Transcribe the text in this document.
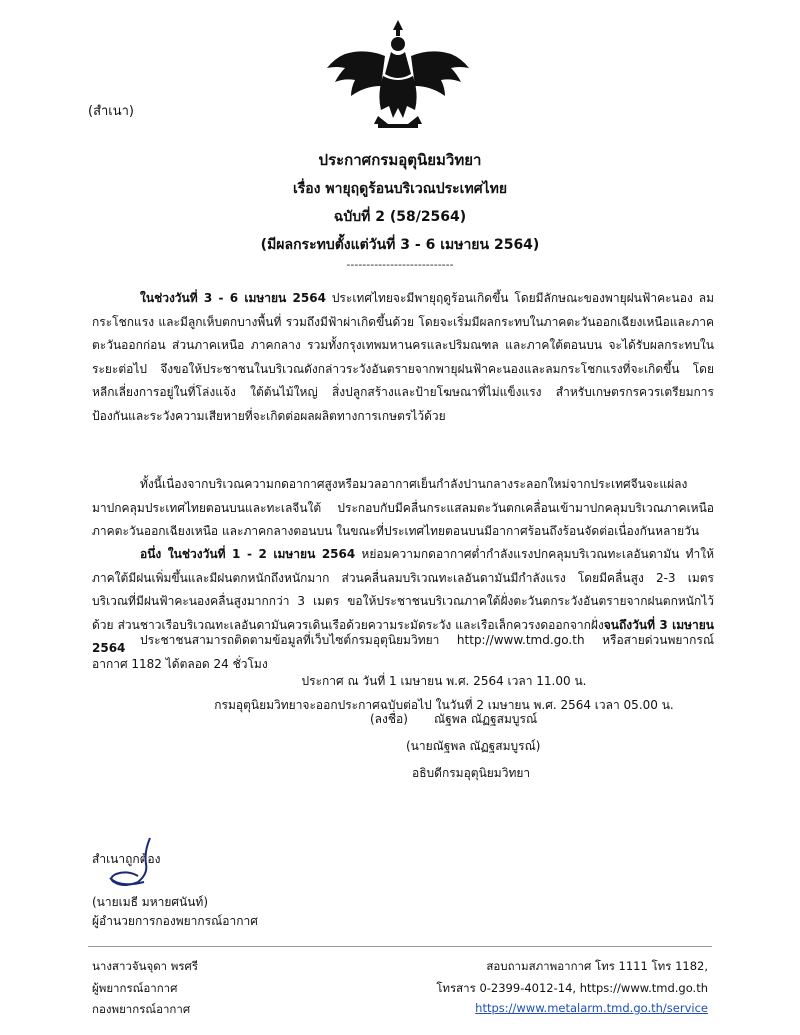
(สำเนา)
ประกาศกรมอุตุนิยมวิทยา
เรื่อง พายุฤดูร้อนบริเวณประเทศไทย
ฉบับที่ 2 (58/2564)
(มีผลกระทบตั้งแต่วันที่ 3 - 6 เมษายน 2564)
---------------------------
ในช่วงวันที่ 3 - 6 เมษายน 2564 ประเทศไทยจะมีพายุฤดูร้อนเกิดขึ้น โดยมีลักษณะของพายุฝนฟ้าคะนอง ลมกระโชกแรง และมีลูกเห็บตกบางพื้นที่ รวมถึงมีฟ้าผ่าเกิดขึ้นด้วย โดยจะเริ่มมีผลกระทบในภาคตะวันออกเฉียงเหนือและภาคตะวันออกก่อน ส่วนภาคเหนือ ภาคกลาง รวมทั้งกรุงเทพมหานครและปริมณฑล และภาคใต้ตอนบน จะได้รับผลกระทบในระยะต่อไป จึงขอให้ประชาชนในบริเวณดังกล่าวระวังอันตรายจากพายุฝนฟ้าคะนองและลมกระโชกแรงที่จะเกิดขึ้น โดยหลีกเลี่ยงการอยู่ในที่โล่งแจ้ง ใต้ต้นไม้ใหญ่ สิ่งปลูกสร้างและป้ายโฆษณาที่ไม่แข็งแรง สำหรับเกษตรกรควรเตรียมการป้องกันและระวังความเสียหายที่จะเกิดต่อผลผลิตทางการเกษตรไว้ด้วย
ทั้งนี้เนื่องจากบริเวณความกดอากาศสูงหรือมวลอากาศเย็นกำลังปานกลางระลอกใหม่จากประเทศจีนจะแผ่ลงมาปกคลุมประเทศไทยตอนบนและทะเลจีนใต้ ประกอบกับมีคลื่นกระแสลมตะวันตกเคลื่อนเข้ามาปกคลุมบริเวณภาคเหนือ ภาคตะวันออกเฉียงเหนือ และภาคกลางตอนบน ในขณะที่ประเทศไทยตอนบนมีอากาศร้อนถึงร้อนจัดต่อเนื่องกันหลายวัน
อนึ่ง ในช่วงวันที่ 1 - 2 เมษายน 2564 หย่อมความกดอากาศต่ำกำลังแรงปกคลุมบริเวณทะเลอันดามัน ทำให้ภาคใต้มีฝนเพิ่มขึ้นและมีฝนตกหนักถึงหนักมาก ส่วนคลื่นลมบริเวณทะเลอันดามันมีกำลังแรง โดยมีคลื่นสูง 2-3 เมตร บริเวณที่มีฝนฟ้าคะนองคลื่นสูงมากกว่า 3 เมตร ขอให้ประชาชนบริเวณภาคใต้ฝั่งตะวันตกระวังอันตรายจากฝนตกหนักไว้ด้วย ส่วนชาวเรือบริเวณทะเลอันดามันควรเดินเรือด้วยความระมัดระวัง และเรือเล็กควรงดออกจากฝั่งจนถึงวันที่ 3 เมษายน 2564
ประชาชนสามารถติดตามข้อมูลที่เว็บไซต์กรมอุตุนิยมวิทยา http://www.tmd.go.th หรือสายด่วนพยากรณ์อากาศ 1182 ได้ตลอด 24 ชั่วโมง
ประกาศ ณ วันที่ 1 เมษายน พ.ศ. 2564 เวลา 11.00 น.
กรมอุตุนิยมวิทยาจะออกประกาศฉบับต่อไป ในวันที่ 2 เมษายน พ.ศ. 2564 เวลา 05.00 น.
(ลงชื่อ) ณัฐพล ณัฏฐสมบูรณ์
(นายณัฐพล ณัฏฐสมบูรณ์)
อธิบดีกรมอุตุนิยมวิทยา
สำเนาถูกต้อง
(นายเมธี มหายศนันท์)
ผู้อำนวยการกองพยากรณ์อากาศ
นางสาวจันจุดา พรศรี
ผู้พยากรณ์อากาศ
กองพยากรณ์อากาศ
สอบถามสภาพอากาศ โทร 1111 โทร 1182,
โทรสาร 0-2399-4012-14, https://www.tmd.go.th
https://www.metalarm.tmd.go.th/service
